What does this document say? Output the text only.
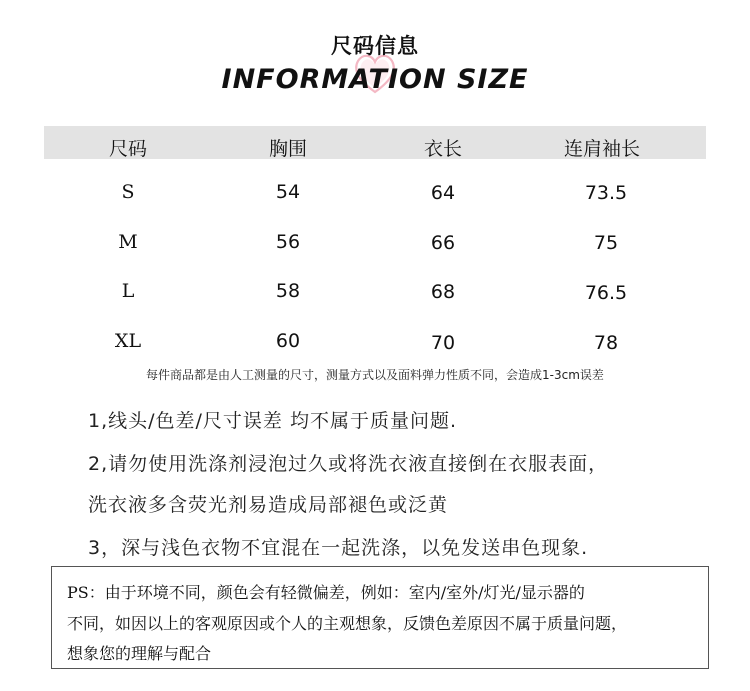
尺码信息
INFORMATION SIZE
尺码	胸围	衣长	连肩袖长
S	54	64	73.5
M	56	66	75
L	58	68	76.5
XL	60	70	78
每件商品都是由人工测量的尺寸，测量方式以及面料弹力性质不同，会造成1-3cm误差
1,线头/色差/尺寸误差 均不属于质量问题.
2,请勿使用洗涤剂浸泡过久或将洗衣液直接倒在衣服表面，
洗衣液多含荧光剂易造成局部褪色或泛黄
3，深与浅色衣物不宜混在一起洗涤，以免发送串色现象.
PS：由于环境不同，颜色会有轻微偏差，例如：室内/室外/灯光/显示器的
不同，如因以上的客观原因或个人的主观想象，反馈色差原因不属于质量问题，
想象您的理解与配合
